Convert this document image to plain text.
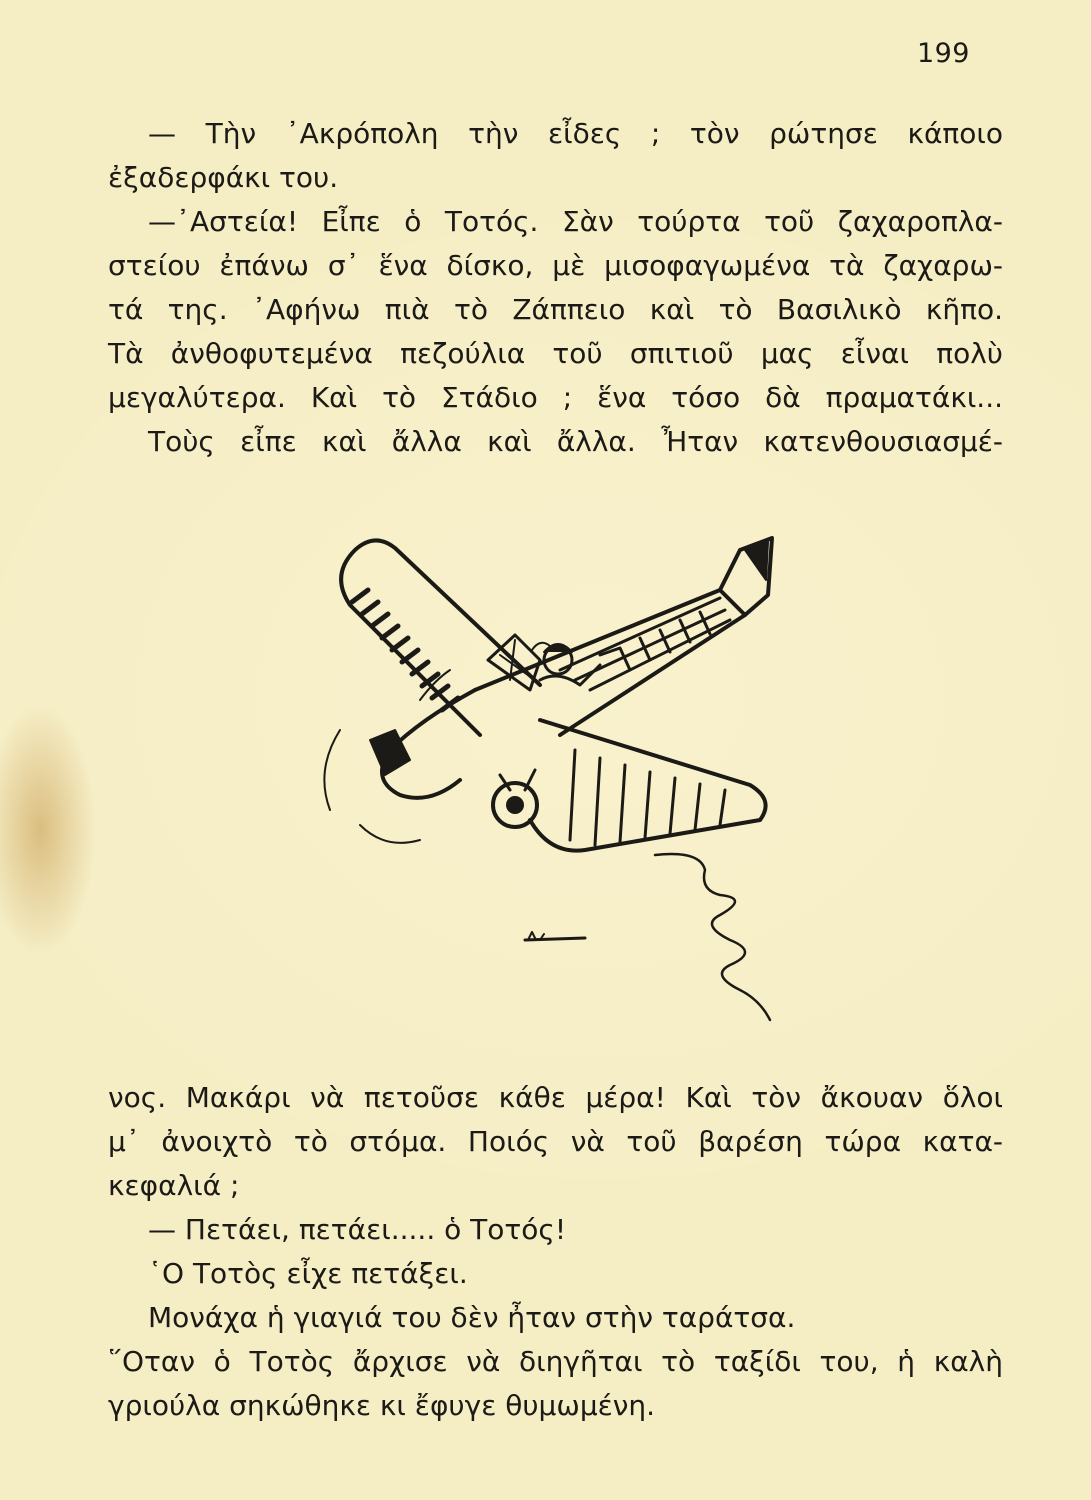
199
— Τὴν ᾿Ακρόπολη τὴν εἶδες ; τὸν ρώτησε κάποιο
ἐξαδερφάκι του.
—᾿Αστεία! Εἶπε ὁ Τοτός. Σὰν τούρτα τοῦ ζαχαροπλα-
στείου ἐπάνω σ᾿ ἕνα δίσκο, μὲ μισοφαγωμένα τὰ ζαχαρω-
τά της. ᾿Αφήνω πιὰ τὸ Ζάππειο καὶ τὸ Βασιλικὸ κῆπο.
Τὰ ἀνθοφυτεμένα πεζούλια τοῦ σπιτιοῦ μας εἶναι πολὺ
μεγαλύτερα. Καὶ τὸ Στάδιο ; ἕνα τόσο δὰ πραματάκι...
Τοὺς εἶπε καὶ ἄλλα καὶ ἄλλα. Ἦταν κατενθουσιασμέ-
νος. Μακάρι νὰ πετοῦσε κάθε μέρα! Καὶ τὸν ἄκουαν ὅλοι
μ᾿ ἀνοιχτὸ τὸ στόμα. Ποιός νὰ τοῦ βαρέση τώρα κατα-
κεφαλιά ;
— Πετάει, πετάει..... ὁ Τοτός!
῾Ο Τοτὸς εἶχε πετάξει.
Μονάχα ἡ γιαγιά του δὲν ἦταν στὴν ταράτσα.
῞Οταν ὁ Τοτὸς ἄρχισε νὰ διηγῆται τὸ ταξίδι του, ἡ καλὴ
γριούλα σηκώθηκε κι ἔφυγε θυμωμένη.
